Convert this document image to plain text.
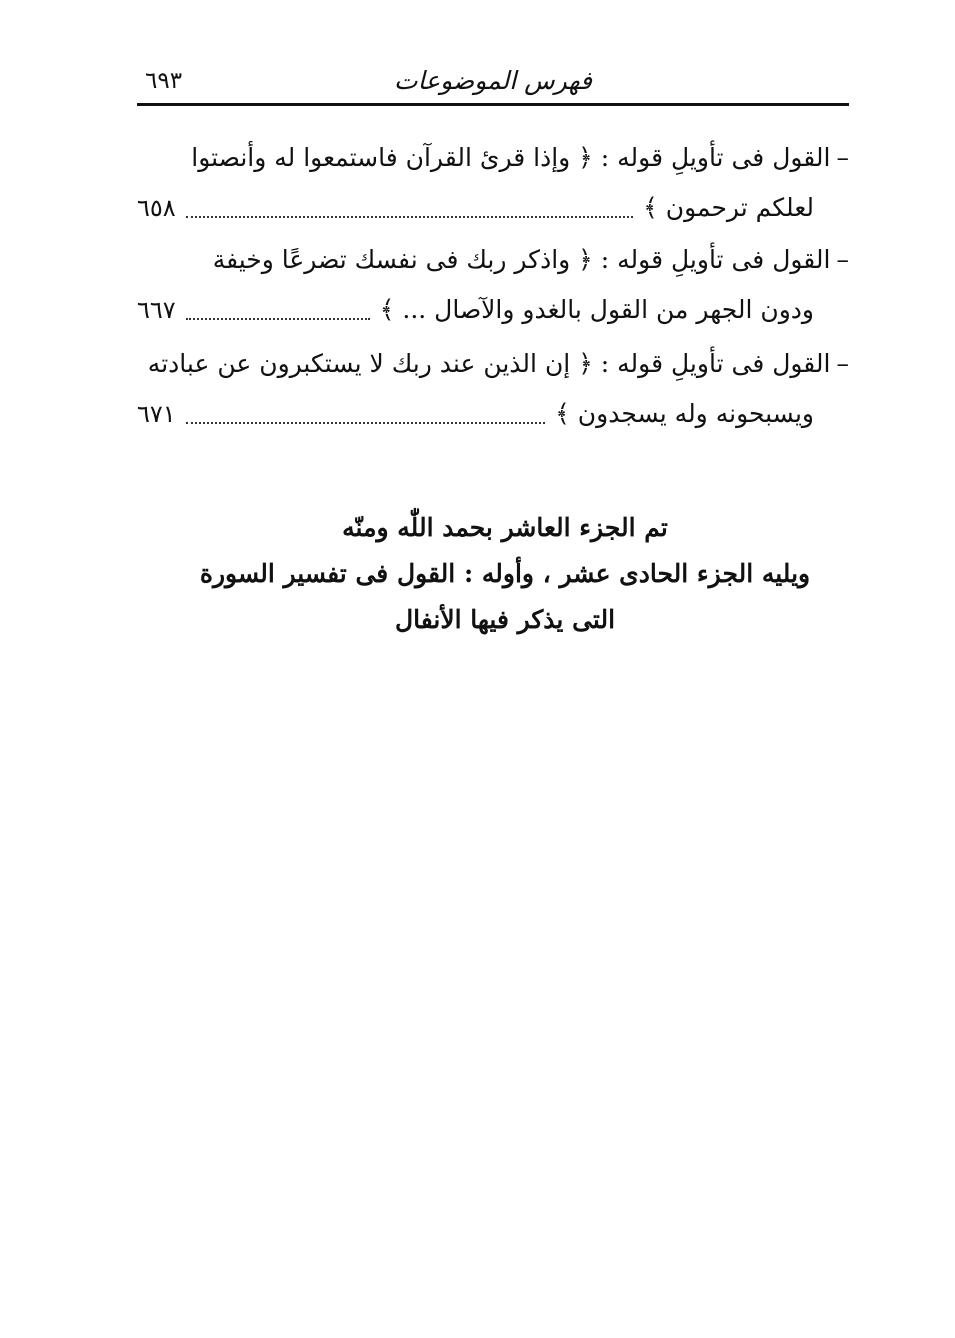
فهرس الموضوعات
٦٩٣
–القول فى تأويلِ قوله : ﴿ وإذا قرئ القرآن فاستمعوا له وأنصتوا
لعلكم ترحمون ﴾
٦٥٨
–القول فى تأويلِ قوله : ﴿ واذكر ربك فى نفسك تضرعًا وخيفة
ودون الجهر من القول بالغدو والآصال ... ﴾
٦٦٧
–القول فى تأويلِ قوله : ﴿ إن الذين عند ربك لا يستكبرون عن عبادته
ويسبحونه وله يسجدون ﴾
٦٧١
تم الجزء العاشر بحمد اللّٰه ومنّه
ويليه الجزء الحادى عشر ، وأوله : القول فى تفسير السورة
التى يذكر فيها الأنفال
